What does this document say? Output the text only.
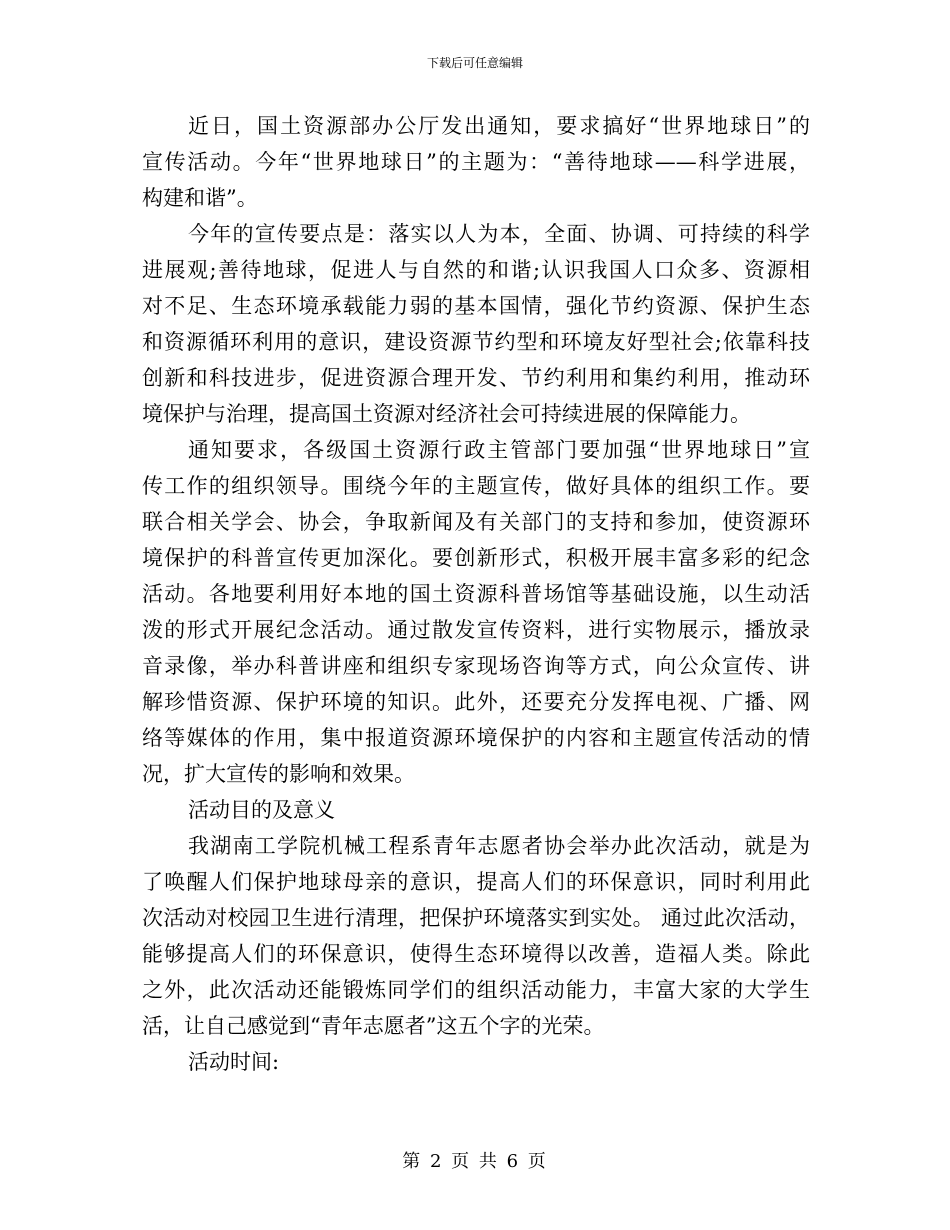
下载后可任意编辑
近日，国土资源部办公厅发出通知，要求搞好“世界地球日”的
宣传活动。今年“世界地球日”的主题为：“善待地球——科学进展，
构建和谐”。
今年的宣传要点是：落实以人为本，全面、协调、可持续的科学
进展观;善待地球，促进人与自然的和谐;认识我国人口众多、资源相
对不足、生态环境承载能力弱的基本国情，强化节约资源、保护生态
和资源循环利用的意识，建设资源节约型和环境友好型社会;依靠科技
创新和科技进步，促进资源合理开发、节约利用和集约利用，推动环
境保护与治理，提高国土资源对经济社会可持续进展的保障能力。
通知要求，各级国土资源行政主管部门要加强“世界地球日”宣
传工作的组织领导。围绕今年的主题宣传，做好具体的组织工作。要
联合相关学会、协会，争取新闻及有关部门的支持和参加，使资源环
境保护的科普宣传更加深化。要创新形式，积极开展丰富多彩的纪念
活动。各地要利用好本地的国土资源科普场馆等基础设施，以生动活
泼的形式开展纪念活动。通过散发宣传资料，进行实物展示，播放录
音录像，举办科普讲座和组织专家现场咨询等方式，向公众宣传、讲
解珍惜资源、保护环境的知识。此外，还要充分发挥电视、广播、网
络等媒体的作用，集中报道资源环境保护的内容和主题宣传活动的情
况，扩大宣传的影响和效果。
活动目的及意义
我湖南工学院机械工程系青年志愿者协会举办此次活动，就是为
了唤醒人们保护地球母亲的意识，提高人们的环保意识，同时利用此
次活动对校园卫生进行清理，把保护环境落实到实处。 通过此次活动，
能够提高人们的环保意识，使得生态环境得以改善，造福人类。除此
之外，此次活动还能锻炼同学们的组织活动能力，丰富大家的大学生
活，让自己感觉到“青年志愿者”这五个字的光荣。
活动时间:
第 2 页 共 6 页
